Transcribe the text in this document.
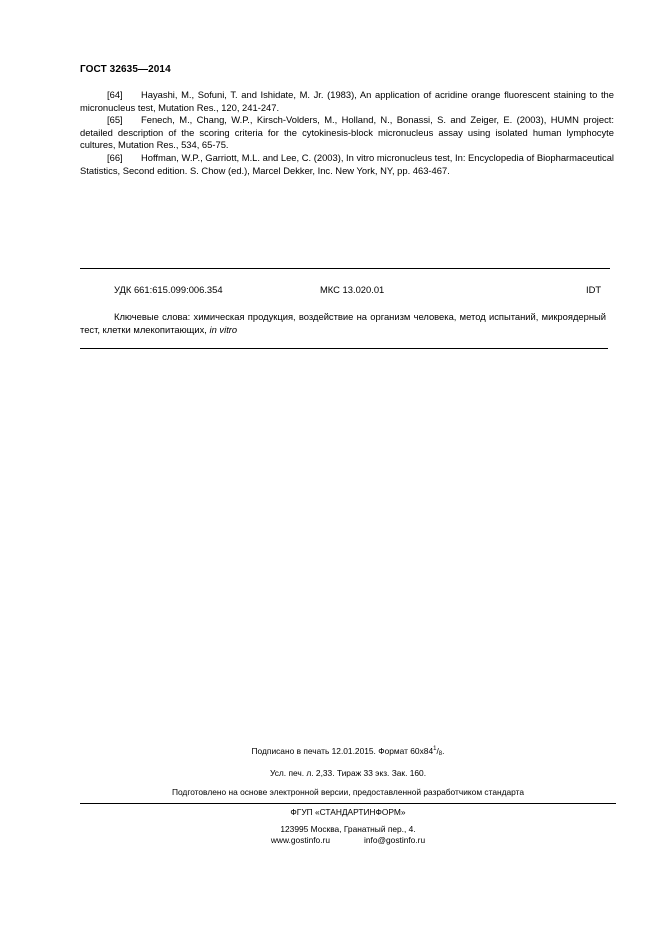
ГОСТ 32635—2014
[64] Hayashi, M., Sofuni, T. and Ishidate, M. Jr. (1983), An application of acridine orange fluorescent staining to the micronucleus test, Mutation Res., 120, 241-247.
[65] Fenech, M., Chang, W.P., Kirsch-Volders, M., Holland, N., Bonassi, S. and Zeiger, E. (2003), HUMN project: detailed description of the scoring criteria for the cytokinesis-block micronucleus assay using isolated human lymphocyte cultures, Mutation Res., 534, 65-75.
[66] Hoffman, W.P., Garriott, M.L. and Lee, C. (2003), In vitro micronucleus test, In: Encyclopedia of Biopharmaceutical Statistics, Second edition. S. Chow (ed.), Marcel Dekker, Inc. New York, NY, pp. 463-467.
УДК 661:615.099:006.354	МКС 13.020.01	IDT
Ключевые слова: химическая продукция, воздействие на организм человека, метод испытаний, микроядерный тест, клетки млекопитающих, in vitro
Подписано в печать 12.01.2015. Формат $60x84^1/8$.
Усл. печ. л. 2,33. Тираж 33 экз. Зак. 160.
Подготовлено на основе электронной версии, предоставленной разработчиком стандарта
ФГУП «СТАНДАРТИНФОРМ»
123995 Москва, Гранатный пер., 4.
www.gostinfo.ru	info@gostinfo.ru
